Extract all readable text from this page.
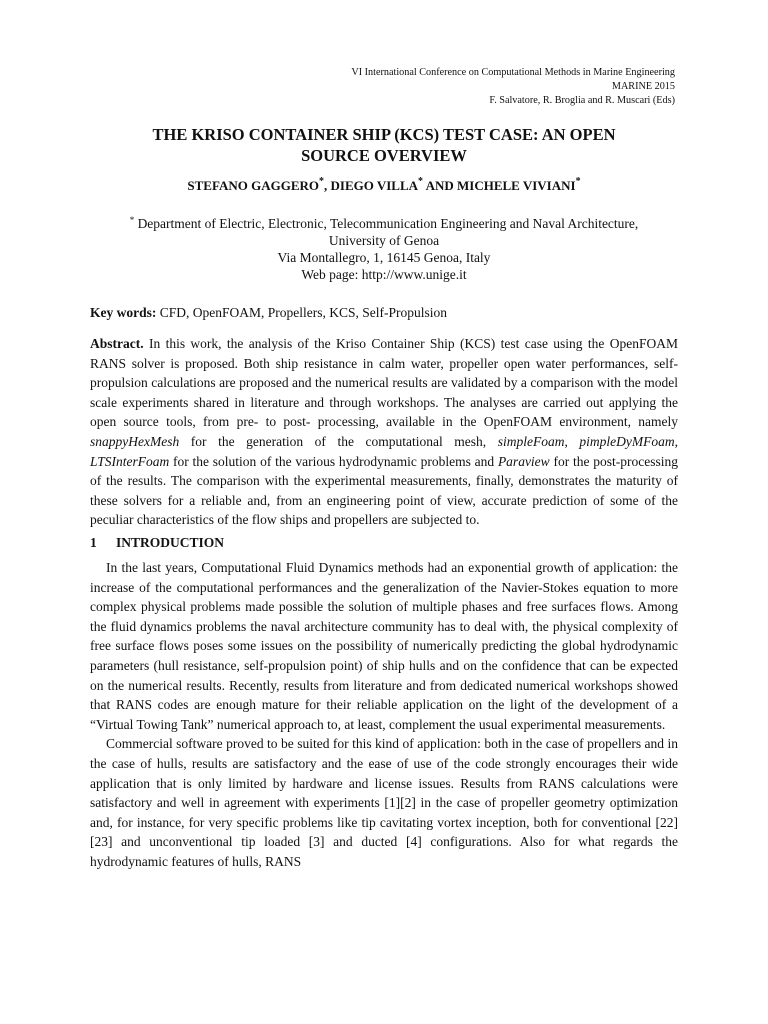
VI International Conference on Computational Methods in Marine Engineering
MARINE 2015
F. Salvatore, R. Broglia and R. Muscari (Eds)
THE KRISO CONTAINER SHIP (KCS) TEST CASE: AN OPEN
SOURCE OVERVIEW
STEFANO GAGGERO*, DIEGO VILLA* AND MICHELE VIVIANI*
* Department of Electric, Electronic, Telecommunication Engineering and Naval Architecture,
University of Genoa
Via Montallegro, 1, 16145 Genoa, Italy
Web page: http://www.unige.it
Key words: CFD, OpenFOAM, Propellers, KCS, Self-Propulsion

Abstract. In this work, the analysis of the Kriso Container Ship (KCS) test case using the OpenFOAM RANS solver is proposed. Both ship resistance in calm water, propeller open water performances, self-propulsion calculations are proposed and the numerical results are validated by a comparison with the model scale experiments shared in literature and through workshops. The analyses are carried out applying the open source tools, from pre- to post- processing, available in the OpenFOAM environment, namely snappyHexMesh for the generation of the computational mesh, simpleFoam, pimpleDyMFoam, LTSInterFoam for the solution of the various hydrodynamic problems and Paraview for the post-processing of the results. The comparison with the experimental measurements, finally, demonstrates the maturity of these solvers for a reliable and, from an engineering point of view, accurate prediction of some of the peculiar characteristics of the flow ships and propellers are subjected to.

1 INTRODUCTION

In the last years, Computational Fluid Dynamics methods had an exponential growth of application: the increase of the computational performances and the generalization of the Navier-Stokes equation to more complex physical problems made possible the solution of multiple phases and free surfaces flows. Among the fluid dynamics problems the naval architecture community has to deal with, the physical complexity of free surface flows poses some issues on the possibility of numerically predicting the global hydrodynamic parameters (hull resistance, self-propulsion point) of ship hulls and on the confidence that can be expected on the numerical results. Recently, results from literature and from dedicated numerical workshops showed that RANS codes are enough mature for their reliable application on the light of the development of a “Virtual Towing Tank” numerical approach to, at least, complement the usual experimental measurements.

Commercial software proved to be suited for this kind of application: both in the case of propellers and in the case of hulls, results are satisfactory and the ease of use of the code strongly encourages their wide application that is only limited by hardware and license issues. Results from RANS calculations were satisfactory and well in agreement with experiments [1][2] in the case of propeller geometry optimization and, for instance, for very specific problems like tip cavitating vortex inception, both for conventional [22][23] and unconventional tip loaded [3] and ducted [4] configurations. Also for what regards the hydrodynamic features of hulls, RANS
